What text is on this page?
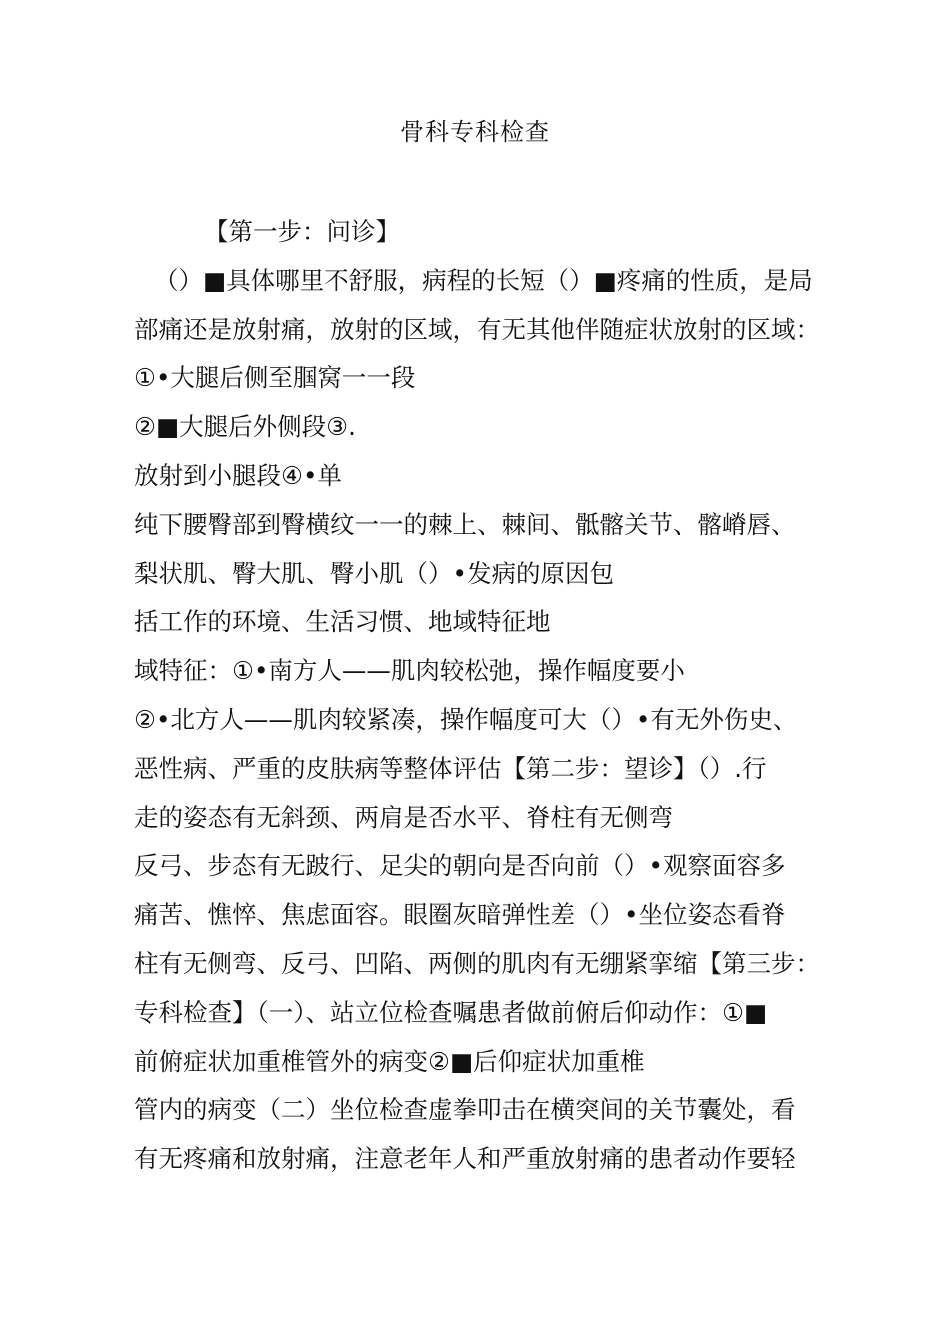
骨科专科检查
【第一步：问诊】
（）■具体哪里不舒服，病程的长短（）■疼痛的性质，是局
部痛还是放射痛，放射的区域，有无其他伴随症状放射的区域：
①•大腿后侧至腘窝一一段
②■大腿后外侧段③.
放射到小腿段④•单
纯下腰臀部到臀横纹一一的棘上、棘间、骶髂关节、髂嵴唇、
梨状肌、臀大肌、臀小肌（）•发病的原因包
括工作的环境、生活习惯、地域特征地
域特征：①•南方人——肌肉较松弛，操作幅度要小
②•北方人——肌肉较紧凑，操作幅度可大（）•有无外伤史、
恶性病、严重的皮肤病等整体评估【第二步：望诊】（）.行
走的姿态有无斜颈、两肩是否水平、脊柱有无侧弯
反弓、步态有无跛行、足尖的朝向是否向前（）•观察面容多
痛苦、憔悴、焦虑面容。眼圈灰暗弹性差（）•坐位姿态看脊
柱有无侧弯、反弓、凹陷、两侧的肌肉有无绷紧挛缩【第三步：
专科检查】（一）、站立位检查嘱患者做前俯后仰动作：①■
前俯症状加重椎管外的病变②■后仰症状加重椎
管内的病变（二）坐位检查虚拳叩击在横突间的关节囊处，看
有无疼痛和放射痛，注意老年人和严重放射痛的患者动作要轻
